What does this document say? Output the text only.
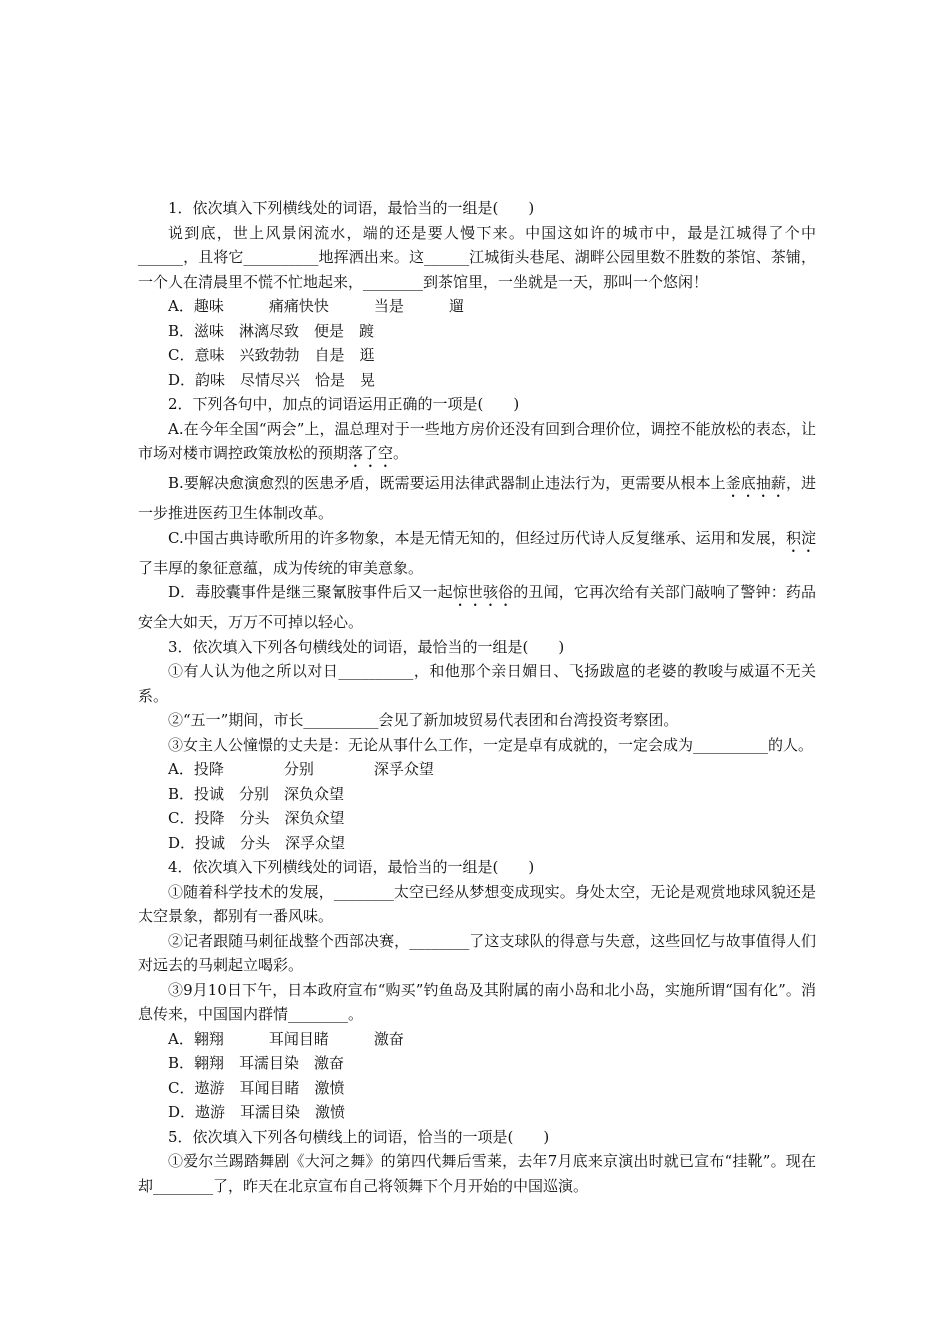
1．依次填入下列横线处的词语，最恰当的一组是(　　)

说到底，世上风景闲流水，端的还是要人慢下来。中国这如许的城市中，最是江城得了个中______，且将它__________地挥洒出来。这______江城街头巷尾、湖畔公园里数不胜数的茶馆、茶铺，一个人在清晨里不慌不忙地起来，________到茶馆里，一坐就是一天，那叫一个悠闲！

A．趣味　　　痛痛快快　　　当是　　　遛

B．滋味　淋漓尽致　便是　踱

C．意味　兴致勃勃　自是　逛

D．韵味　尽情尽兴　恰是　晃

2．下列各句中，加点的词语运用正确的一项是(　　)

A.在今年全国“两会”上，温总理对于一些地方房价还没有回到合理价位，调控不能放松的表态，让市场对楼市调控政策放松的预期落了空。

B.要解决愈演愈烈的医患矛盾，既需要运用法律武器制止违法行为，更需要从根本上釜底抽薪，进一步推进医药卫生体制改革。

C.中国古典诗歌所用的许多物象，本是无情无知的，但经过历代诗人反复继承、运用和发展，积淀了丰厚的象征意蕴，成为传统的审美意象。

D．毒胶囊事件是继三聚氰胺事件后又一起惊世骇俗的丑闻，它再次给有关部门敲响了警钟：药品安全大如天，万万不可掉以轻心。

3．依次填入下列各句横线处的词语，最恰当的一组是(　　)

①有人认为他之所以对日__________，和他那个亲日媚日、飞扬跋扈的老婆的教唆与威逼不无关系。

②“五一”期间，市长__________会见了新加坡贸易代表团和台湾投资考察团。

③女主人公憧憬的丈夫是：无论从事什么工作，一定是卓有成就的，一定会成为__________的人。

A．投降　　　　分别　　　　深孚众望

B．投诚　分别　深负众望

C．投降　分头　深负众望

D．投诚　分头　深孚众望

4．依次填入下列横线处的词语，最恰当的一组是(　　)

①随着科学技术的发展，________太空已经从梦想变成现实。身处太空，无论是观赏地球风貌还是太空景象，都别有一番风味。

②记者跟随马刺征战整个西部决赛，________了这支球队的得意与失意，这些回忆与故事值得人们对远去的马刺起立喝彩。

③9月10日下午，日本政府宣布“购买”钓鱼岛及其附属的南小岛和北小岛，实施所谓“国有化”。消息传来，中国国内群情________。

A．翱翔　　　耳闻目睹　　　激奋

B．翱翔　耳濡目染　激奋

C．遨游　耳闻目睹　激愤

D．遨游　耳濡目染　激愤

5．依次填入下列各句横线上的词语，恰当的一项是(　　)

①爱尔兰踢踏舞剧《大河之舞》的第四代舞后雪莱，去年7月底来京演出时就已宣布“挂靴”。现在却________了，昨天在北京宣布自己将领舞下个月开始的中国巡演。
